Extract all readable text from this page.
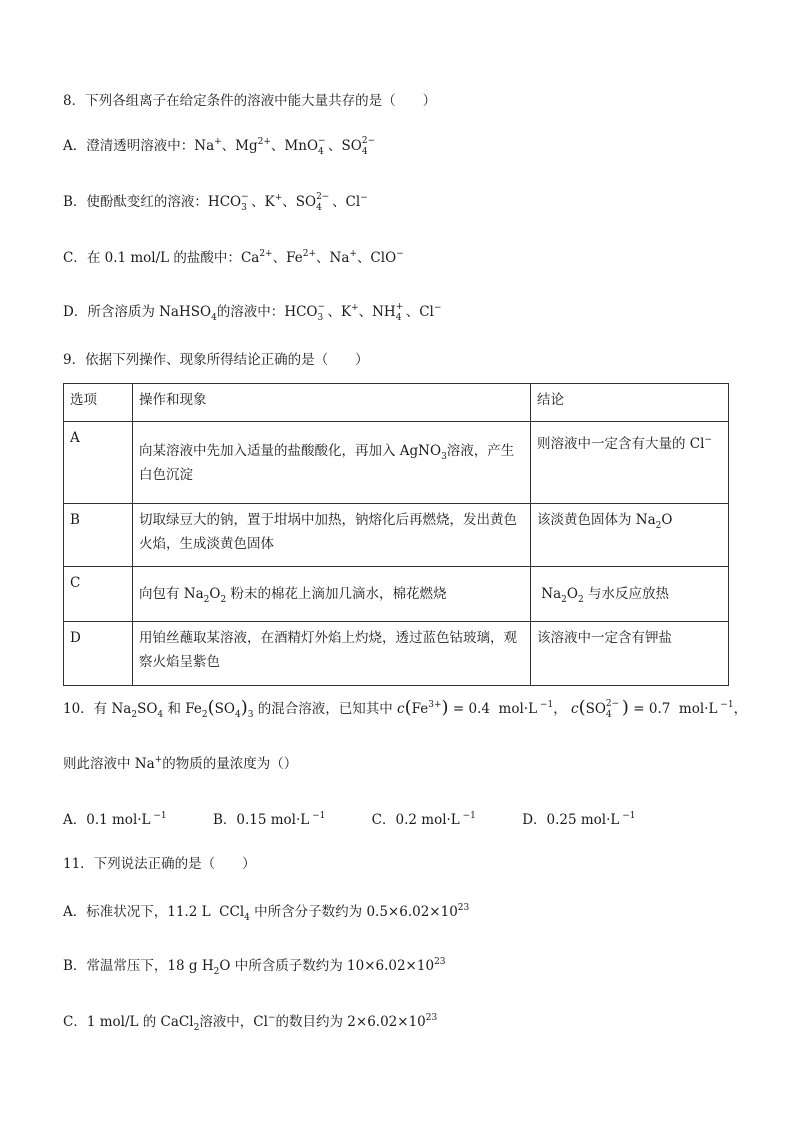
8．下列各组离子在给定条件的溶液中能大量共存的是（　　）
A．澄清透明溶液中：Na+、$Mg^{2+}$、MnO −
4 、SO 2−
4
B．使酚酞变红的溶液：HCO −
3 、K+、SO 2−
4 、Cl−
C．在 0.1 mol/L 的盐酸中：$Ca^{2+}$、$Fe^{2+}$、Na+、ClO−
D．所含溶质为 NaHSO$_4$的溶液中：HCO −
3 、K+、NH +
4 、Cl−
9．依据下列操作、现象所得结论正确的是（　　）
选项	操作和现象	结论
A	向某溶液中先加入适量的盐酸酸化，再加入 AgNO$_3$溶液，产生白色沉淀	则溶液中一定含有大量的 Cl−
B	切取绿豆大的钠，置于坩埚中加热，钠熔化后再燃烧，发出黄色火焰，生成淡黄色固体	该淡黄色固体为 $Na_2O$
C	向包有 $Na_2O_2$ 粉末的棉花上滴加几滴水，棉花燃烧	$Na_2O_2$ 与水反应放热
D	用铂丝蘸取某溶液，在酒精灯外焰上灼烧，透过蓝色钴玻璃，观察火焰呈紫色	该溶液中一定含有钾盐
10．有 $Na_2SO_4$ 和 $Fe_2(SO_4)_3$ 的混合溶液，已知其中 $c(Fe^{3+}) = 0.4$ mol·L $^{-1}$， c(SO 2−
4 ) = 0.7 mol·L $^{-1}$，
则此溶液中 Na+的物质的量浓度为（）
A．0.1 mol·L $^{-1}$	B．0.15 mol·L $^{-1}$	C．0.2 mol·L $^{-1}$	D．0.25 mol·L $^{-1}$
11．下列说法正确的是（　　）
A．标准状况下，11.2 L  CCl$_4$ 中所含分子数约为 $0.5\times 6.02\times 10^{23}$
B．常温常压下，18 g $H_2O$ 中所含质子数约为 $10\times 6.02\times 10^{23}$
C．1 mol/L 的 CaCl$_2$溶液中，Cl−的数目约为 $2\times 6.02\times 10^{23}$
